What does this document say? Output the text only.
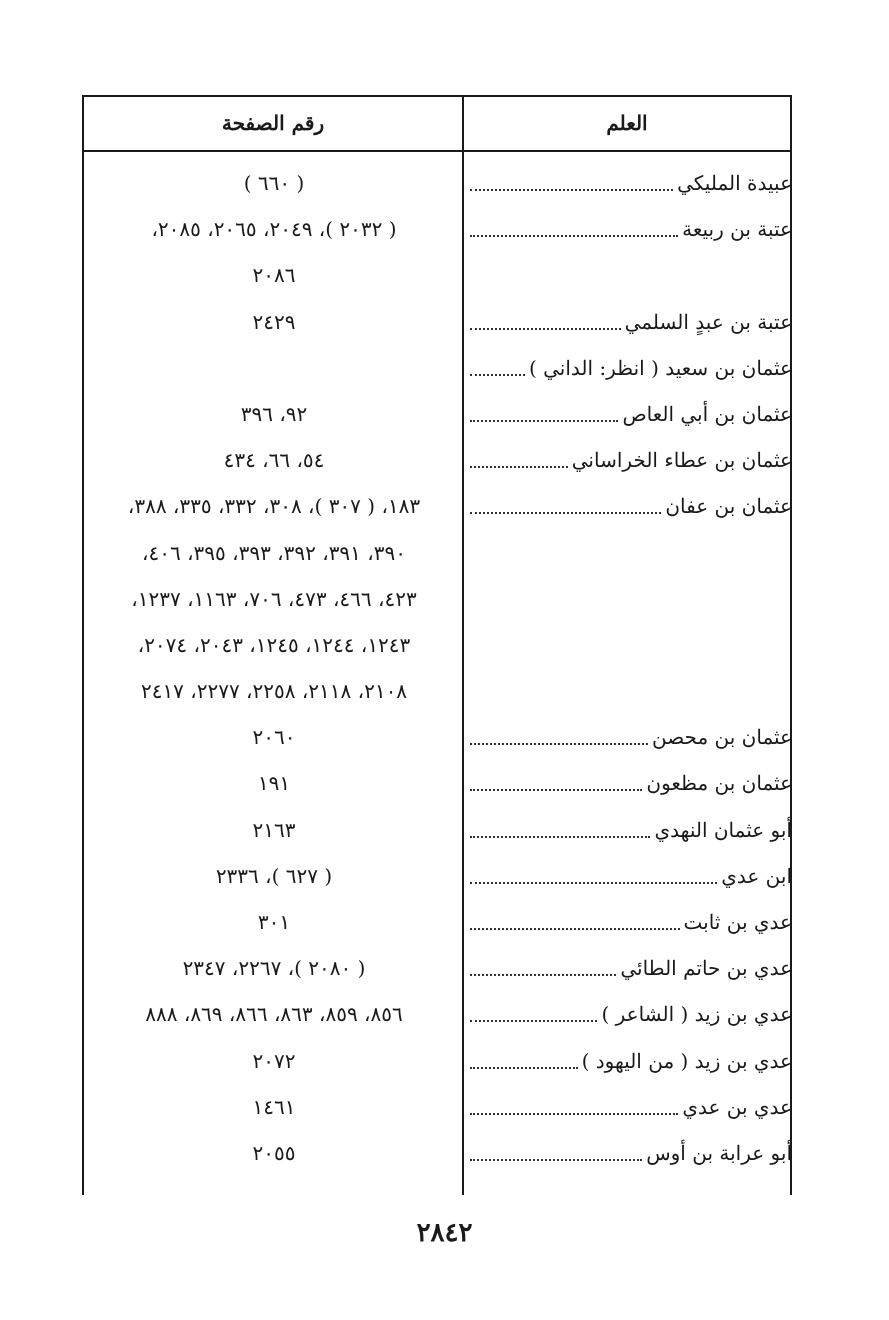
العلم
رقم الصفحة
عبيدة المليكي
( ٦٦٠ )
عتبة بن ربيعة
( ٢٠٣٢ )، ٢٠٤٩، ٢٠٦٥، ٢٠٨٥،
٢٠٨٦
عتبة بن عبدٍ السلمي
٢٤٢٩
عثمان بن سعيد ( انظر: الداني )
عثمان بن أبي العاص
٩٢، ٣٩٦
عثمان بن عطاء الخراساني
٥٤، ٦٦، ٤٣٤
عثمان بن عفان
١٨٣، ( ٣٠٧ )، ٣٠٨، ٣٣٢، ٣٣٥، ٣٨٨،
٣٩٠، ٣٩١، ٣٩٢، ٣٩٣، ٣٩٥، ٤٠٦،
٤٢٣، ٤٦٦، ٤٧٣، ٧٠٦، ١١٦٣، ١٢٣٧،
١٢٤٣، ١٢٤٤، ١٢٤٥، ٢٠٤٣، ٢٠٧٤،
٢١٠٨، ٢١١٨، ٢٢٥٨، ٢٢٧٧، ٢٤١٧
عثمان بن محصن
٢٠٦٠
عثمان بن مظعون
١٩١
أبو عثمان النهدي
٢١٦٣
ابن عدي
( ٦٢٧ )، ٢٣٣٦
عدي بن ثابت
٣٠١
عدي بن حاتم الطائي
( ٢٠٨٠ )، ٢٢٦٧، ٢٣٤٧
عدي بن زيد ( الشاعر )
٨٥٦، ٨٥٩، ٨٦٣، ٨٦٦، ٨٦٩، ٨٨٨
عدي بن زيد ( من اليهود )
٢٠٧٢
عدي بن عدي
١٤٦١
أبو عرابة بن أوس
٢٠٥٥
٢٨٤٢
